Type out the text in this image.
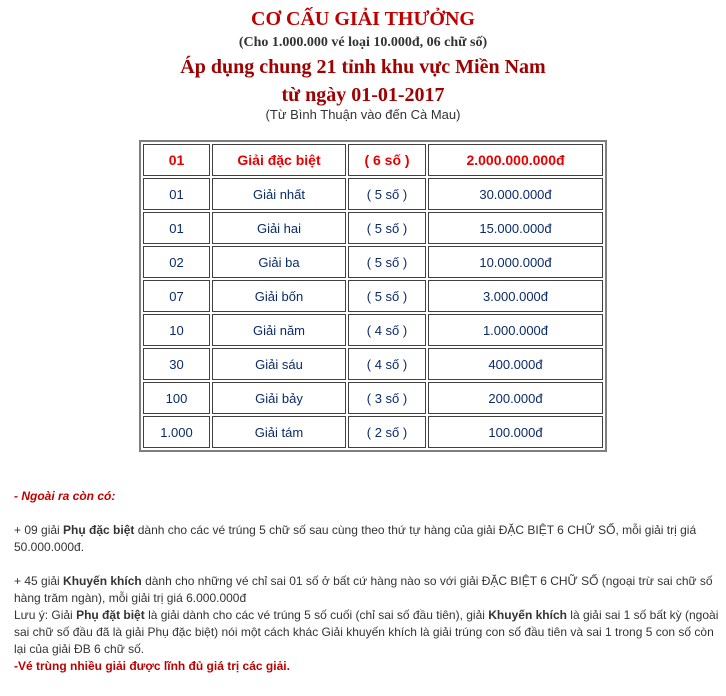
CƠ CẤU GIẢI THƯỞNG
(Cho 1.000.000 vé loại 10.000đ, 06 chữ số)
Áp dụng chung 21 tỉnh khu vực Miền Nam
từ ngày 01-01-2017
(Từ Bình Thuận vào đến Cà Mau)
01	Giải đặc biệt	( 6 số )	2.000.000.000đ
01	Giải nhất	( 5 số )	30.000.000đ
01	Giải hai	( 5 số )	15.000.000đ
02	Giải ba	( 5 số )	10.000.000đ
07	Giải bốn	( 5 số )	3.000.000đ
10	Giải năm	( 4 số )	1.000.000đ
30	Giải sáu	( 4 số )	400.000đ
100	Giải bảy	( 3 số )	200.000đ
1.000	Giải tám	( 2 số )	100.000đ

- Ngoài ra còn có:

+ 09 giải Phụ đặc biệt dành cho các vé trúng 5 chữ số sau cùng theo thứ tự hàng của giải ĐẶC BIỆT 6 CHỮ SỐ, mỗi giải trị giá 50.000.000đ.

+ 45 giải Khuyến khích dành cho những vé chỉ sai 01 số ở bất cứ hàng nào so với giải ĐẶC BIỆT 6 CHỮ SỐ (ngoại trừ sai chữ số hàng trăm ngàn), mỗi giải trị giá 6.000.000đ

Lưu ý: Giải Phụ đặt biệt là giải dành cho các vé trúng 5 số cuối (chỉ sai số đầu tiên), giải Khuyến khích là giải sai 1 số bất kỳ (ngoài sai chữ số đầu đã là giải Phụ đặc biệt) nói một cách khác Giải khuyến khích là giải trúng con số đầu tiên và sai 1 trong 5 con số còn lại của giải ĐB 6 chữ số.

-Vé trùng nhiều giải được lĩnh đủ giá trị các giải.
